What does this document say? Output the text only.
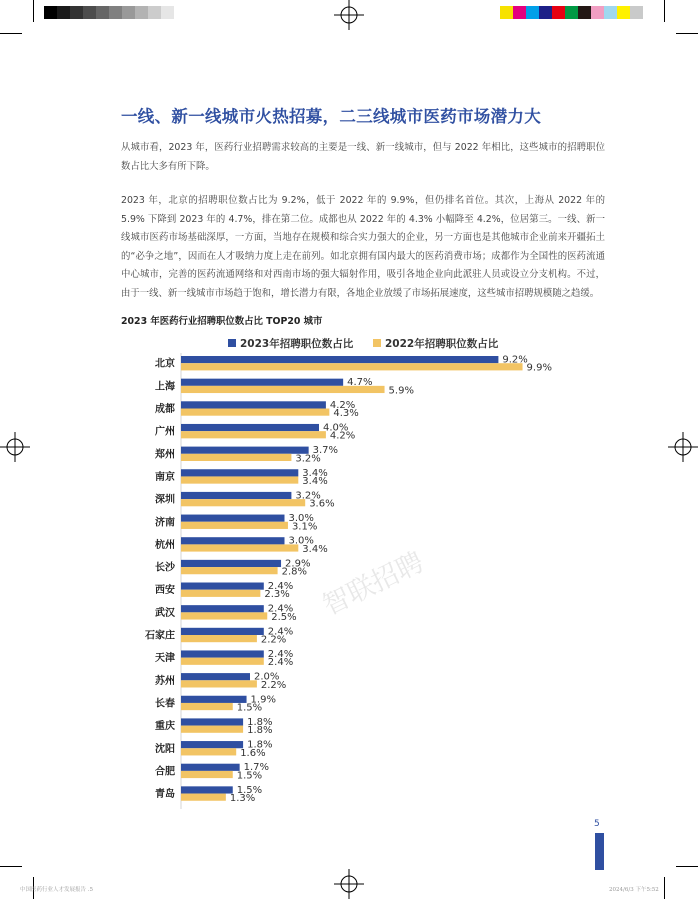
一线、新一线城市火热招募，二三线城市医药市场潜力大

从城市看，2023 年，医药行业招聘需求较高的主要是一线、新一线城市，但与 2022 年相比，这些城市的招聘职位数占比大多有所下降。

2023 年，北京的招聘职位数占比为 9.2%，低于 2022 年的 9.9%，但仍排名首位。其次，上海从 2022 年的 5.9% 下降到 2023 年的 4.7%，排在第二位。成都也从 2022 年的 4.3% 小幅降至 4.2%，位居第三。一线、新一线城市医药市场基础深厚，一方面，当地存在规模和综合实力强大的企业，另一方面也是其他城市企业前来开疆拓土的“必争之地”，因而在人才吸纳力度上走在前列。如北京拥有国内最大的医药消费市场；成都作为全国性的医药流通中心城市，完善的医药流通网络和对西南市场的强大辐射作用，吸引各地企业向此派驻人员或设立分支机构。不过，由于一线、新一线城市市场趋于饱和，增长潜力有限，各地企业放缓了市场拓展速度，这些城市招聘规模随之趋缓。

2023 年医药行业招聘职位数占比 TOP20 城市
2023年招聘职位数占比	2022年招聘职位数占比
北京	9.2%
9.9%
上海	4.7%
5.9%
成都	4.2%
4.3%
广州	4.0%
4.2%
郑州	3.7%
3.2%
南京	3.4%
3.4%
深圳	3.2%
3.6%
济南	3.0%
3.1%
杭州	3.0%
3.4%
长沙	2.9%
2.8%
西安	2.4%
2.3%
武汉	2.4%
2.5%
石家庄	2.4%
2.2%
天津	2.4%
2.4%
苏州	2.0%
2.2%
长春	1.9%
1.5%
重庆	1.8%
1.8%
沈阳	1.8%
1.6%
合肥	1.7%
1.5%
青岛	1.5%
1.3%
智联招聘
5
中国医药行业人才发展报告 .5	2024/6/3 下午5:52
